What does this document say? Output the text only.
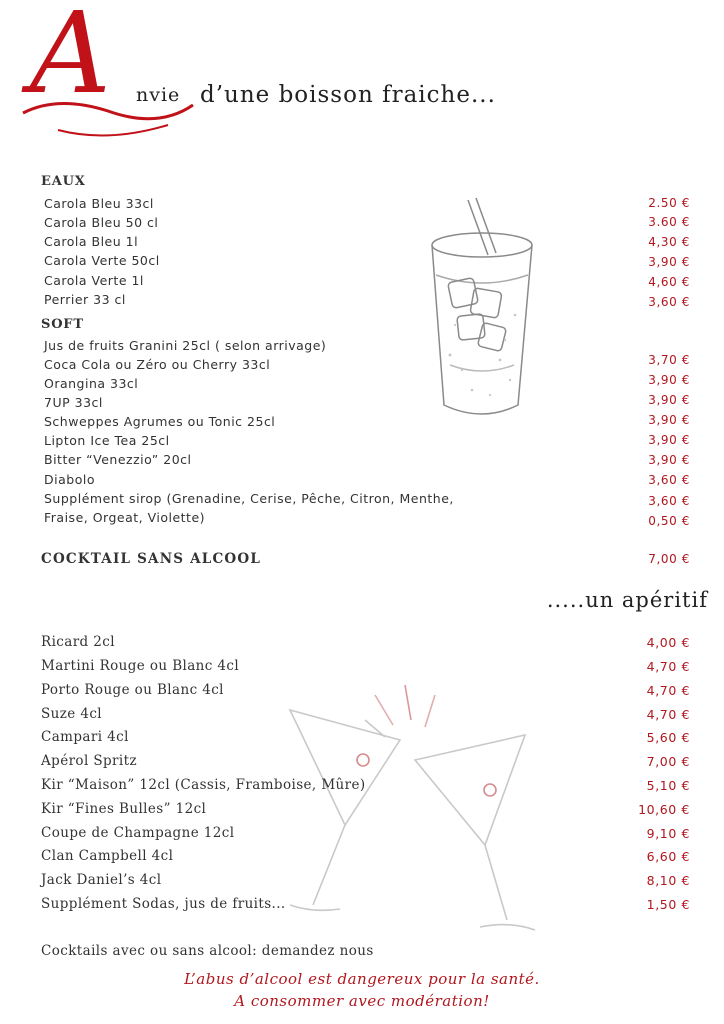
A nvie d’une boisson fraiche...
EAUX
Carola Bleu 33cl	2.50 €
Carola Bleu 50 cl	3.60 €
Carola Bleu 1l	4,30 €
Carola Verte 50cl	3,90 €
Carola Verte 1l	4,60 €
Perrier 33 cl	3,60 €
SOFT
Jus de fruits Granini 25cl ( selon arrivage)
Coca Cola ou Zéro ou Cherry 33cl	3,70 €
Orangina 33cl	3,90 €
7UP 33cl	3,90 €
Schweppes Agrumes ou Tonic 25cl	3,90 €
Lipton Ice Tea 25cl	3,90 €
Bitter “Venezzio” 20cl	3,90 €
Diabolo	3,60 €
Supplément sirop (Grenadine, Cerise, Pêche, Citron, Menthe,	3,60 €
Fraise, Orgeat, Violette)	0,50 €
COCKTAIL SANS ALCOOL	7,00 €
.....un apéritif
Ricard 2cl	4,00 €
Martini Rouge ou Blanc 4cl	4,70 €
Porto Rouge ou Blanc 4cl	4,70 €
Suze 4cl	4,70 €
Campari 4cl	5,60 €
Apérol Spritz	7,00 €
Kir “Maison” 12cl (Cassis, Framboise, Mûre)	5,10 €
Kir “Fines Bulles” 12cl	10,60 €
Coupe de Champagne 12cl	9,10 €
Clan Campbell 4cl	6,60 €
Jack Daniel’s 4cl	8,10 €
Supplément Sodas, jus de fruits...	1,50 €
Cocktails avec ou sans alcool: demandez nous
L’abus d’alcool est dangereux pour la santé.
A consommer avec modération!
